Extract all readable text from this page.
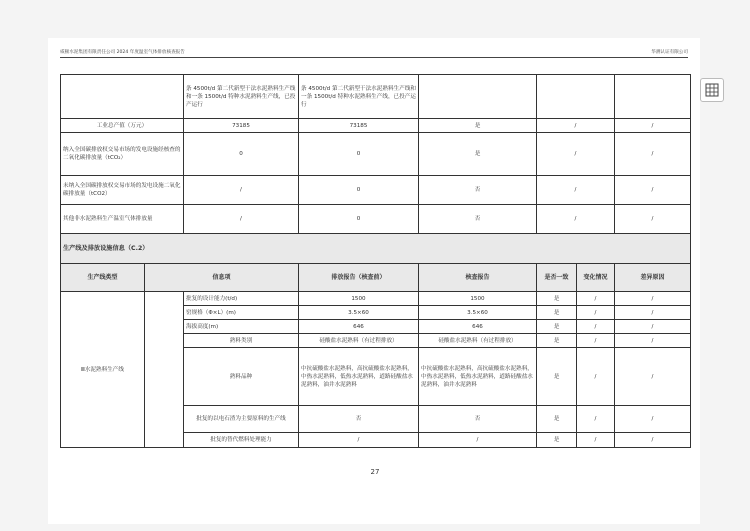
威顿水泥集团有限责任公司 2024 年度温室气体排放核查报告	华测认证有限公司
		条 4500t/d 第二代新型干法水泥熟料生产线和一条 1500t/d 特种水泥熟料生产线，已投产运行	条 4500t/d 第二代新型干法水泥熟料生产线和一条 1500t/d 特种水泥熟料生产线，已投产运行				
工业总产值（万元）		73185	73185	是	/		/
纳入全国碳排放权交易市场的发电设施经核查的二氧化碳排放量（tCO₂）		0	0	是	/		/
未纳入全国碳排放权交易市场的发电设施二氧化碳排放量（tCO2）		/	0	否	/		/
其他非水泥熟料生产温室气体排放量		/	0	否	/		/
生产线及排放设施信息（C.2）							
生产线类型	信息项		排放报告（核查前）	核查报告	是否一致	变化情况	差异原因
Ⅲ水泥熟料生产线		批复的设计能力(t/d)	1500	1500	是	/	/
		窑规格（Φ×L）(m)	3.5×60	3.5×60	是	/	/
		海拔高度(m)	646	646	是	/	/
		熟料类别	硅酸盐水泥熟料（有过程排放）	硅酸盐水泥熟料（有过程排放）	是	/	/
		熟料品种	中抗硫酸盐水泥熟料，高抗硫酸盐水泥熟料，中热水泥熟料，低热水泥熟料，道路硅酸盐水泥熟料，油井水泥熟料	中抗硫酸盐水泥熟料，高抗硫酸盐水泥熟料，中热水泥熟料，低热水泥熟料，道路硅酸盐水泥熟料，油井水泥熟料	是	/	/
		批复的以电石渣为主要原料的生产线	否	否	是	/	/
		批复的替代燃料处理能力	/	/	是	/	/
27
